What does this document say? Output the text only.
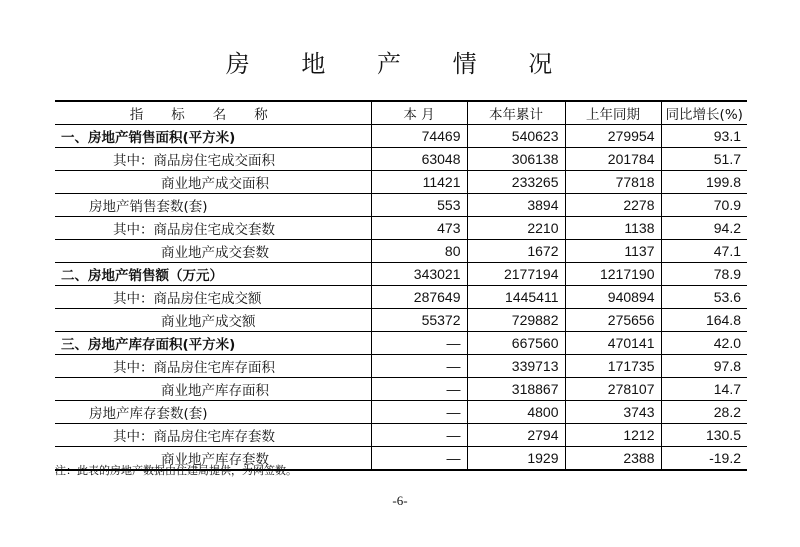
房 地 产 情 况
指标名称	本 月	本年累计	上年同期	同比增长(%)
一、房地产销售面积(平方米)	74469	540623	279954	93.1
其中：商品房住宅成交面积	63048	306138	201784	51.7
商业地产成交面积	11421	233265	77818	199.8
房地产销售套数(套)	553	3894	2278	70.9
其中：商品房住宅成交套数	473	2210	1138	94.2
商业地产成交套数	80	1672	1137	47.1
二、房地产销售额（万元）	343021	2177194	1217190	78.9
其中：商品房住宅成交额	287649	1445411	940894	53.6
商业地产成交额	55372	729882	275656	164.8
三、房地产库存面积(平方米)	—	667560	470141	42.0
其中：商品房住宅库存面积	—	339713	171735	97.8
商业地产库存面积	—	318867	278107	14.7
房地产库存套数(套)	—	4800	3743	28.2
其中：商品房住宅库存套数	—	2794	1212	130.5
商业地产库存套数	—	1929	2388	-19.2
注：此表的房地产数据由住建局提供，为网签数。
-6-
